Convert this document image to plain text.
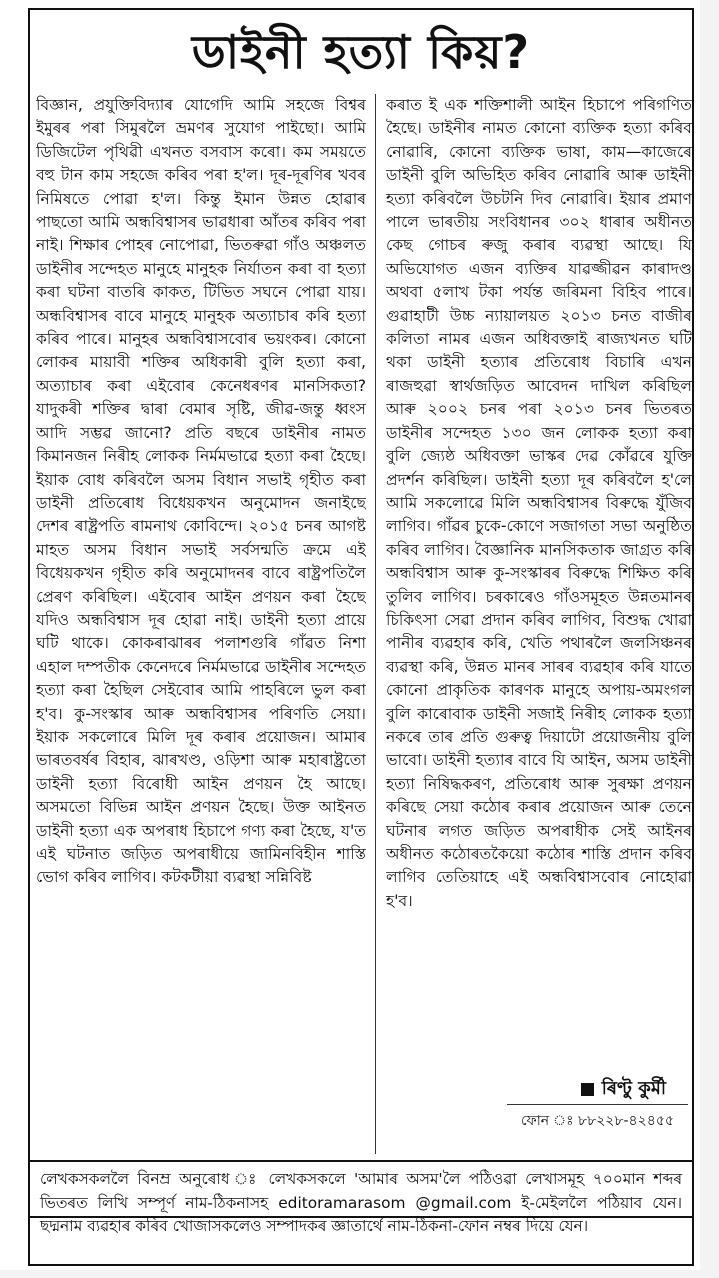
ডাইনী হত্যা কিয়?
বিজ্ঞান, প্ৰযুক্তিবিদ্যাৰ যোগেদি আমি সহজে বিশ্বৰ ইমুৰৰ পৰা সিমুৰলৈ ভ্ৰমণৰ সুযোগ পাইছো। আমি ডিজিটেল পৃথিৱী এখনত বসবাস কৰো। কম সময়তে বহু টান কাম সহজে কৰিব পৰা হ'ল। দূৰ-দূৰণিৰ খবৰ নিমিষতে পোৱা হ'ল। কিন্তু ইমান উন্নত হোৱাৰ পাছতো আমি অন্ধবিশ্বাসৰ ভাৱধাৰা আঁতৰ কৰিব পৰা নাই। শিক্ষাৰ পোহৰ নোপোৱা, ভিতৰুৱা গাঁও অঞ্চলত ডাইনীৰ সন্দেহত মানুহে মানুহক নিৰ্যাতন কৰা বা হত্যা কৰা ঘটনা বাতৰি কাকত, টিভিত সঘনে পোৱা যায়। অন্ধবিশ্বাসৰ বাবে মানুহে মানুহক অত্যাচাৰ কৰি হত্যা কৰিব পাৰে। মানুহৰ অন্ধবিশ্বাসবোৰ ভয়ংকৰ। কোনো লোকৰ মায়াবী শক্তিৰ অধিকাৰী বুলি হত্যা কৰা, অত্যাচাৰ কৰা এইবোৰ কেনেধৰণৰ মানসিকতা? যাদুকৰী শক্তিৰ দ্বাৰা বেমাৰ সৃষ্টি, জীৱ-জন্তু ধ্বংস আদি সম্ভৱ জানো? প্ৰতি বছৰে ডাইনীৰ নামত কিমানজন নিৰীহ লোকক নিৰ্মমভাৱে হত্যা কৰা হৈছে। ইয়াক বোধ কৰিবলৈ অসম বিধান সভাই গৃহীত কৰা ডাইনী প্ৰতিৰোধ বিধেয়কখন অনুমোদন জনাইছে দেশৰ ৰাষ্ট্ৰপতি ৰামনাথ কোবিন্দে। ২০১৫ চনৰ আগষ্ট মাহত অসম বিধান সভাই সৰ্বসন্মতি ক্ৰমে এই বিধেয়কখন গৃহীত কৰি অনুমোদনৰ বাবে ৰাষ্ট্ৰপতিলৈ প্ৰেৰণ কৰিছিল। এইবোৰ আইন প্ৰণয়ন কৰা হৈছে যদিও অন্ধবিশ্বাস দূৰ হোৱা নাই। ডাইনী হত্যা প্ৰায়ে ঘটি থাকে। কোকৰাঝাৰৰ পলাশগুৰি গাঁৱত নিশা এহাল দম্পতীক কেনেদৰে নিৰ্মমভাৱে ডাইনীৰ সন্দেহত হত্যা কৰা হৈছিল সেইবোৰ আমি পাহৰিলে ভুল কৰা হ'ব। কু-সংস্কাৰ আৰু অন্ধবিশ্বাসৰ পৰিণতি সেয়া। ইয়াক সকলোৰে মিলি দূৰ কৰাৰ প্ৰয়োজন। আমাৰ ভাৰতবৰ্ষৰ বিহাৰ, ঝাৰখণ্ড, ওড়িশা আৰু মহাৰাষ্ট্ৰতো ডাইনী হত্যা বিৰোধী আইন প্ৰণয়ন হৈ আছে। অসমতো বিভিন্ন আইন প্ৰণয়ন হৈছে। উক্ত আইনত ডাইনী হত্যা এক অপৰাধ হিচাপে গণ্য কৰা হৈছে, য'ত এই ঘটনাত জড়িত অপৰাধীয়ে জামিনবিহীন শাস্তি ভোগ কৰিব লাগিব। কটকটীয়া ব্যৱস্থা সন্নিবিষ্ট
কৰাত ই এক শক্তিশালী আইন হিচাপে পৰিগণিত হৈছে। ডাইনীৰ নামত কোনো ব্যক্তিক হত্যা কৰিব নোৱাৰি, কোনো ব্যক্তিক ভাষা, কাম—কাজেৰে ডাইনী বুলি অভিহিত কৰিব নোৱাৰি আৰু ডাইনী হত্যা কৰিবলৈ উচটনি দিব নোৱাৰি। ইয়াৰ প্ৰমাণ পালে ভাৰতীয় সংবিধানৰ ৩০২ ধাৰাৰ অধীনত কেছ গোচৰ ৰুজু কৰাৰ ব্যৱস্থা আছে। যি অভিযোগত এজন ব্যক্তিৰ যাৱজ্জীৱন কাৰাদণ্ড অথবা ৫লাখ টকা পৰ্যন্ত জৰিমনা বিহিব পাৰে। গুৱাহাটী উচ্চ ন্যায়ালয়ত ২০১৩ চনত বাজীৰ কলিতা নামৰ এজন অধিবক্তাই ৰাজ্যখনত ঘটি থকা ডাইনী হত্যাৰ প্ৰতিৰোধ বিচাৰি এখন ৰাজহুৱা স্বাৰ্থজড়িত আবেদন দাখিল কৰিছিল আৰু ২০০২ চনৰ পৰা ২০১৩ চনৰ ভিতৰত ডাইনীৰ সন্দেহত ১৩০ জন লোকক হত্যা কৰা বুলি জ্যেষ্ঠ অধিবক্তা ভাস্কৰ দেৱ কোঁৱৰে যুক্তি প্ৰদৰ্শন কৰিছিল। ডাইনী হত্যা দূৰ কৰিবলৈ হ'লে আমি সকলোৱে মিলি অন্ধবিশ্বাসৰ বিৰুদ্ধে যুঁজিব লাগিব। গাঁৱৰ চুকে-কোণে সজাগতা সভা অনুষ্ঠিত কৰিব লাগিব। বৈজ্ঞানিক মানসিকতাক জাগ্ৰত কৰি অন্ধবিশ্বাস আৰু কু-সংস্কাৰৰ বিৰুদ্ধে শিক্ষিত কৰি তুলিব লাগিব। চৰকাৰেও গাঁওসমূহত উন্নতমানৰ চিকিৎসা সেৱা প্ৰদান কৰিব লাগিব, বিশুদ্ধ খোৱা পানীৰ ব্যৱহাৰ কৰি, খেতি পথাৰলৈ জলসিঞ্চনৰ ব্যৱস্থা কৰি, উন্নত মানৰ সাৰৰ ব্যৱহাৰ কৰি যাতে কোনো প্ৰাকৃতিক কাৰণক মানুহে অপায়-অমংগল বুলি কাৰোবাক ডাইনী সজাই নিৰীহ লোকক হত্যা নকৰে তাৰ প্ৰতি গুৰুত্ব দিয়াটো প্ৰয়োজনীয় বুলি ভাবো। ডাইনী হত্যাৰ বাবে যি আইন, অসম ডাইনী হত্যা নিষিদ্ধকৰণ, প্ৰতিৰোধ আৰু সুৰক্ষা প্ৰণয়ন কৰিছে সেয়া কঠোৰ কৰাৰ প্ৰয়োজন আৰু তেনে ঘটনাৰ লগত জড়িত অপৰাধীক সেই আইনৰ অধীনত কঠোৰতকৈয়ো কঠোৰ শাস্তি প্ৰদান কৰিব লাগিব তেতিয়াহে এই অন্ধবিশ্বাসবোৰ নোহোৱা হ'ব।
ৰিণ্টু কুৰ্মী
ফোন ঃ ৮৮২২৮-৪২৪৫৫
লেখকসকললৈ বিনম্ৰ অনুৰোধ ঃ লেখকসকলে 'আমাৰ অসম'লৈ পঠিওৱা লেখাসমূহ ৭০০মান শব্দৰ ভিতৰত লিখি সম্পূৰ্ণ নাম-ঠিকনাসহ editoramarasom @gmail.com ই-মেইললৈ পঠিয়াব যেন। ছদ্মনাম ব্যৱহাৰ কৰিব খোজাসকলেও সম্পাদকৰ জ্ঞাতাৰ্থে নাম-ঠিকনা-ফোন নম্বৰ দিয়ে যেন।
